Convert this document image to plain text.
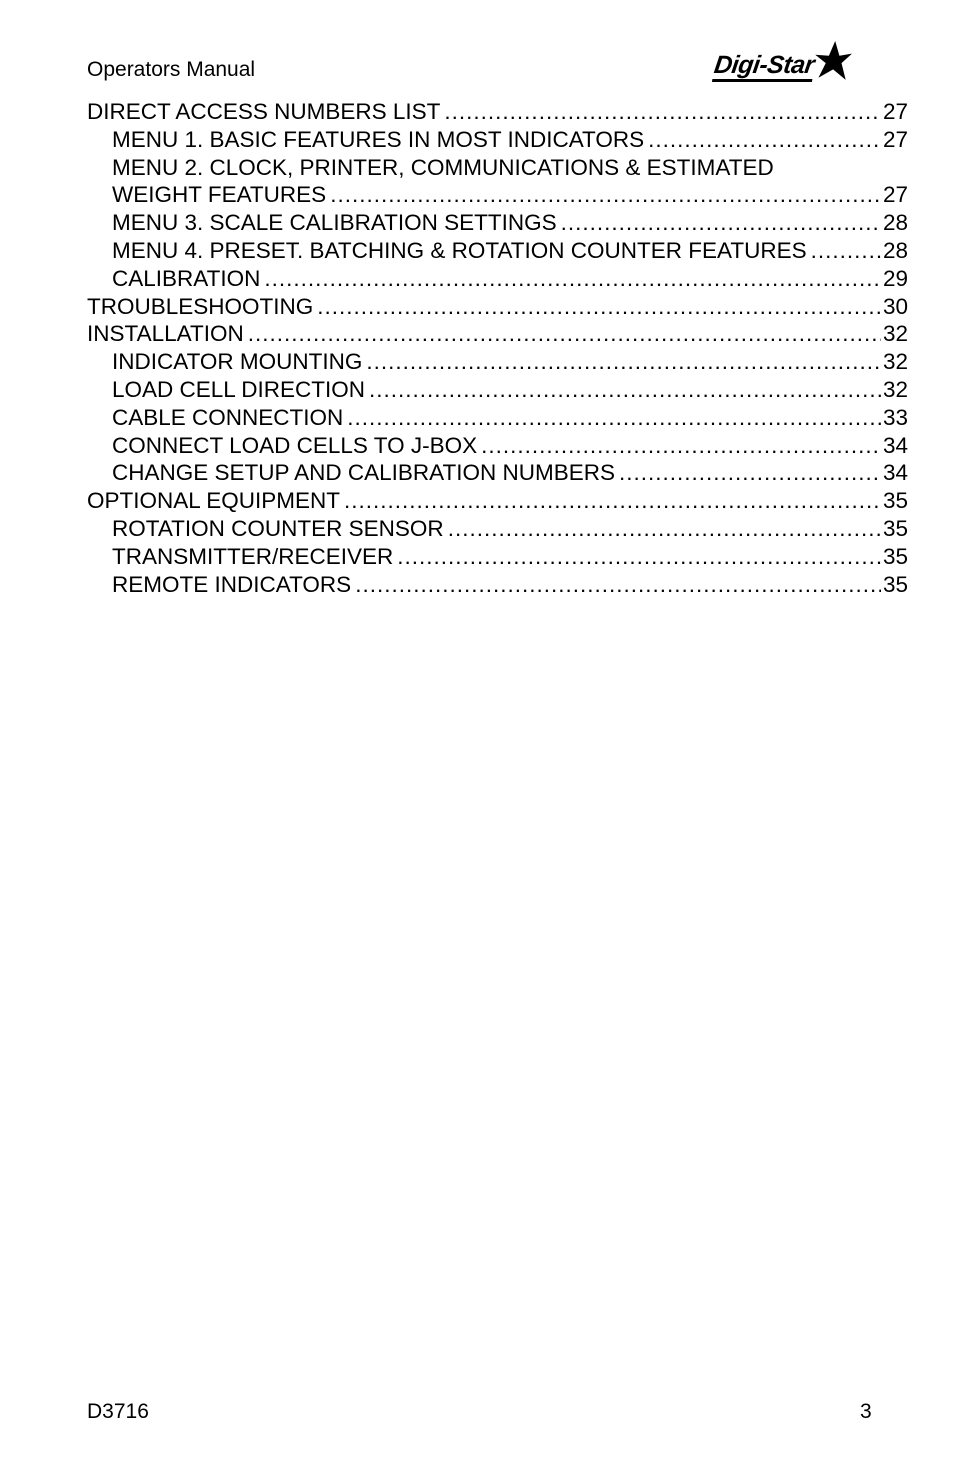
Operators Manual	Digi-Star
DIRECT ACCESS NUMBERS LIST .....	27
MENU 1. BASIC FEATURES IN MOST INDICATORS .....	27
MENU 2. CLOCK, PRINTER, COMMUNICATIONS & ESTIMATED
WEIGHT FEATURES .....	27
MENU 3. SCALE CALIBRATION SETTINGS .....	28
MENU 4. PRESET. BATCHING & ROTATION COUNTER FEATURES .....	28
CALIBRATION .....	29
TROUBLESHOOTING .....	30
INSTALLATION .....	32
INDICATOR MOUNTING .....	32
LOAD CELL DIRECTION .....	32
CABLE CONNECTION .....	33
CONNECT LOAD CELLS TO J-BOX .....	34
CHANGE SETUP AND CALIBRATION NUMBERS .....	34
OPTIONAL EQUIPMENT .....	35
ROTATION COUNTER SENSOR .....	35
TRANSMITTER/RECEIVER .....	35
REMOTE INDICATORS .....	35
D3716	3
